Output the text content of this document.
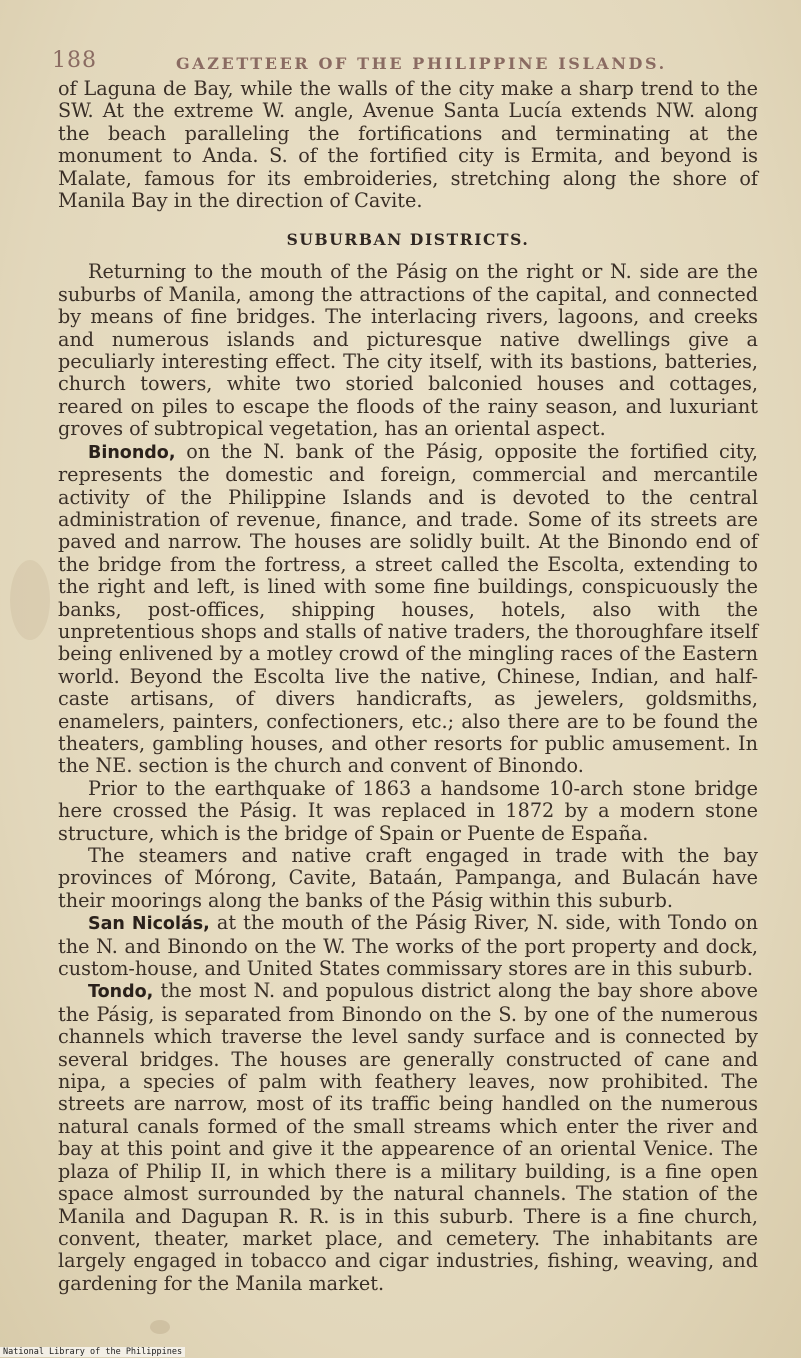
188	GAZETTEER OF THE PHILIPPINE ISLANDS.

of Laguna de Bay, while the walls of the city make a sharp trend to the SW. At the extreme W. angle, Avenue Santa Lucía extends NW. along the beach paralleling the fortifications and terminating at the monument to Anda. S. of the fortified city is Ermita, and beyond is Malate, famous for its embroideries, stretching along the shore of Manila Bay in the direction of Cavite.

SUBURBAN DISTRICTS.

Returning to the mouth of the Pásig on the right or N. side are the suburbs of Manila, among the attractions of the capital, and connected by means of fine bridges. The interlacing rivers, lagoons, and creeks and numerous islands and picturesque native dwellings give a peculiarly interesting effect. The city itself, with its bastions, batteries, church towers, white two storied balconied houses and cottages, reared on piles to escape the floods of the rainy season, and luxuriant groves of subtropical vegetation, has an oriental aspect.

Binondo, on the N. bank of the Pásig, opposite the fortified city, represents the domestic and foreign, commercial and mercantile activity of the Philippine Islands and is devoted to the central administration of revenue, finance, and trade. Some of its streets are paved and narrow. The houses are solidly built. At the Binondo end of the bridge from the fortress, a street called the Escolta, extending to the right and left, is lined with some fine buildings, conspicuously the banks, post-offices, shipping houses, hotels, also with the unpretentious shops and stalls of native traders, the thoroughfare itself being enlivened by a motley crowd of the mingling races of the Eastern world. Beyond the Escolta live the native, Chinese, Indian, and half-caste artisans, of divers handicrafts, as jewelers, goldsmiths, enamelers, painters, confectioners, etc.; also there are to be found the theaters, gambling houses, and other resorts for public amusement. In the NE. section is the church and convent of Binondo.

Prior to the earthquake of 1863 a handsome 10-arch stone bridge here crossed the Pásig. It was replaced in 1872 by a modern stone structure, which is the bridge of Spain or Puente de España.

The steamers and native craft engaged in trade with the bay provinces of Mórong, Cavite, Bataán, Pampanga, and Bulacán have their moorings along the banks of the Pásig within this suburb.

San Nicolás, at the mouth of the Pásig River, N. side, with Tondo on the N. and Binondo on the W. The works of the port property and dock, custom-house, and United States commissary stores are in this suburb.

Tondo, the most N. and populous district along the bay shore above the Pásig, is separated from Binondo on the S. by one of the numerous channels which traverse the level sandy surface and is connected by several bridges. The houses are generally constructed of cane and nipa, a species of palm with feathery leaves, now prohibited. The streets are narrow, most of its traffic being handled on the numerous natural canals formed of the small streams which enter the river and bay at this point and give it the appearence of an oriental Venice. The plaza of Philip II, in which there is a military building, is a fine open space almost surrounded by the natural channels. The station of the Manila and Dagupan R. R. is in this suburb. There is a fine church, convent, theater, market place, and cemetery. The inhabitants are largely engaged in tobacco and cigar industries, fishing, weaving, and gardening for the Manila market.

National Library of the Philippines
